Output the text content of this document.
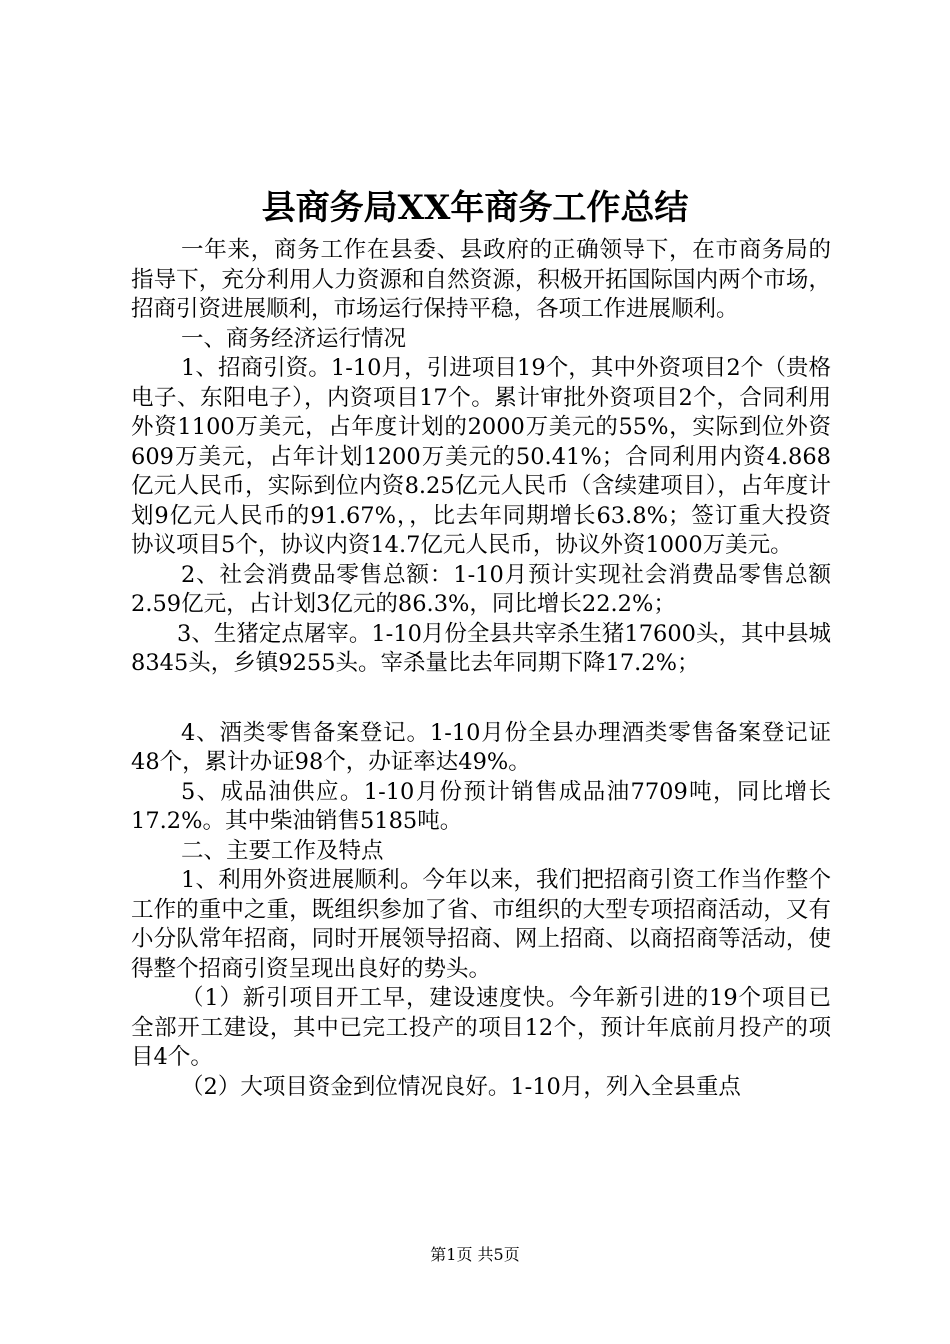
县商务局XX年商务工作总结

一年来，商务工作在县委、县政府的正确领导下，在市商务局的指导下，充分利用人力资源和自然资源，积极开拓国际国内两个市场，招商引资进展顺利，市场运行保持平稳，各项工作进展顺利。

一、商务经济运行情况

1、招商引资。1-10月，引进项目19个，其中外资项目2个（贵格电子、东阳电子），内资项目17个。累计审批外资项目2个，合同利用外资1100万美元，占年度计划的2000万美元的55%，实际到位外资609万美元，占年计划1200万美元的50.41%；合同利用内资4.868亿元人民币，实际到位内资8.25亿元人民币（含续建项目），占年度计划9亿元人民币的91.67%，，比去年同期增长63.8%；签订重大投资协议项目5个，协议内资14.7亿元人民币，协议外资1000万美元。

2、社会消费品零售总额：1-10月预计实现社会消费品零售总额2.59亿元，占计划3亿元的86.3%，同比增长22.2%；

3、生猪定点屠宰。1-10月份全县共宰杀生猪17600头，其中县城8345头，乡镇9255头。宰杀量比去年同期下降17.2%；

4、酒类零售备案登记。1-10月份全县办理酒类零售备案登记证48个，累计办证98个，办证率达49%。

5、成品油供应。1-10月份预计销售成品油7709吨，同比增长17.2%。其中柴油销售5185吨。

二、主要工作及特点

1、利用外资进展顺利。今年以来，我们把招商引资工作当作整个工作的重中之重，既组织参加了省、市组织的大型专项招商活动，又有小分队常年招商，同时开展领导招商、网上招商、以商招商等活动，使得整个招商引资呈现出良好的势头。

（1）新引项目开工早，建设速度快。今年新引进的19个项目已全部开工建设，其中已完工投产的项目12个，预计年底前月投产的项目4个。

（2）大项目资金到位情况良好。1-10月，列入全县重点

第1页 共5页
